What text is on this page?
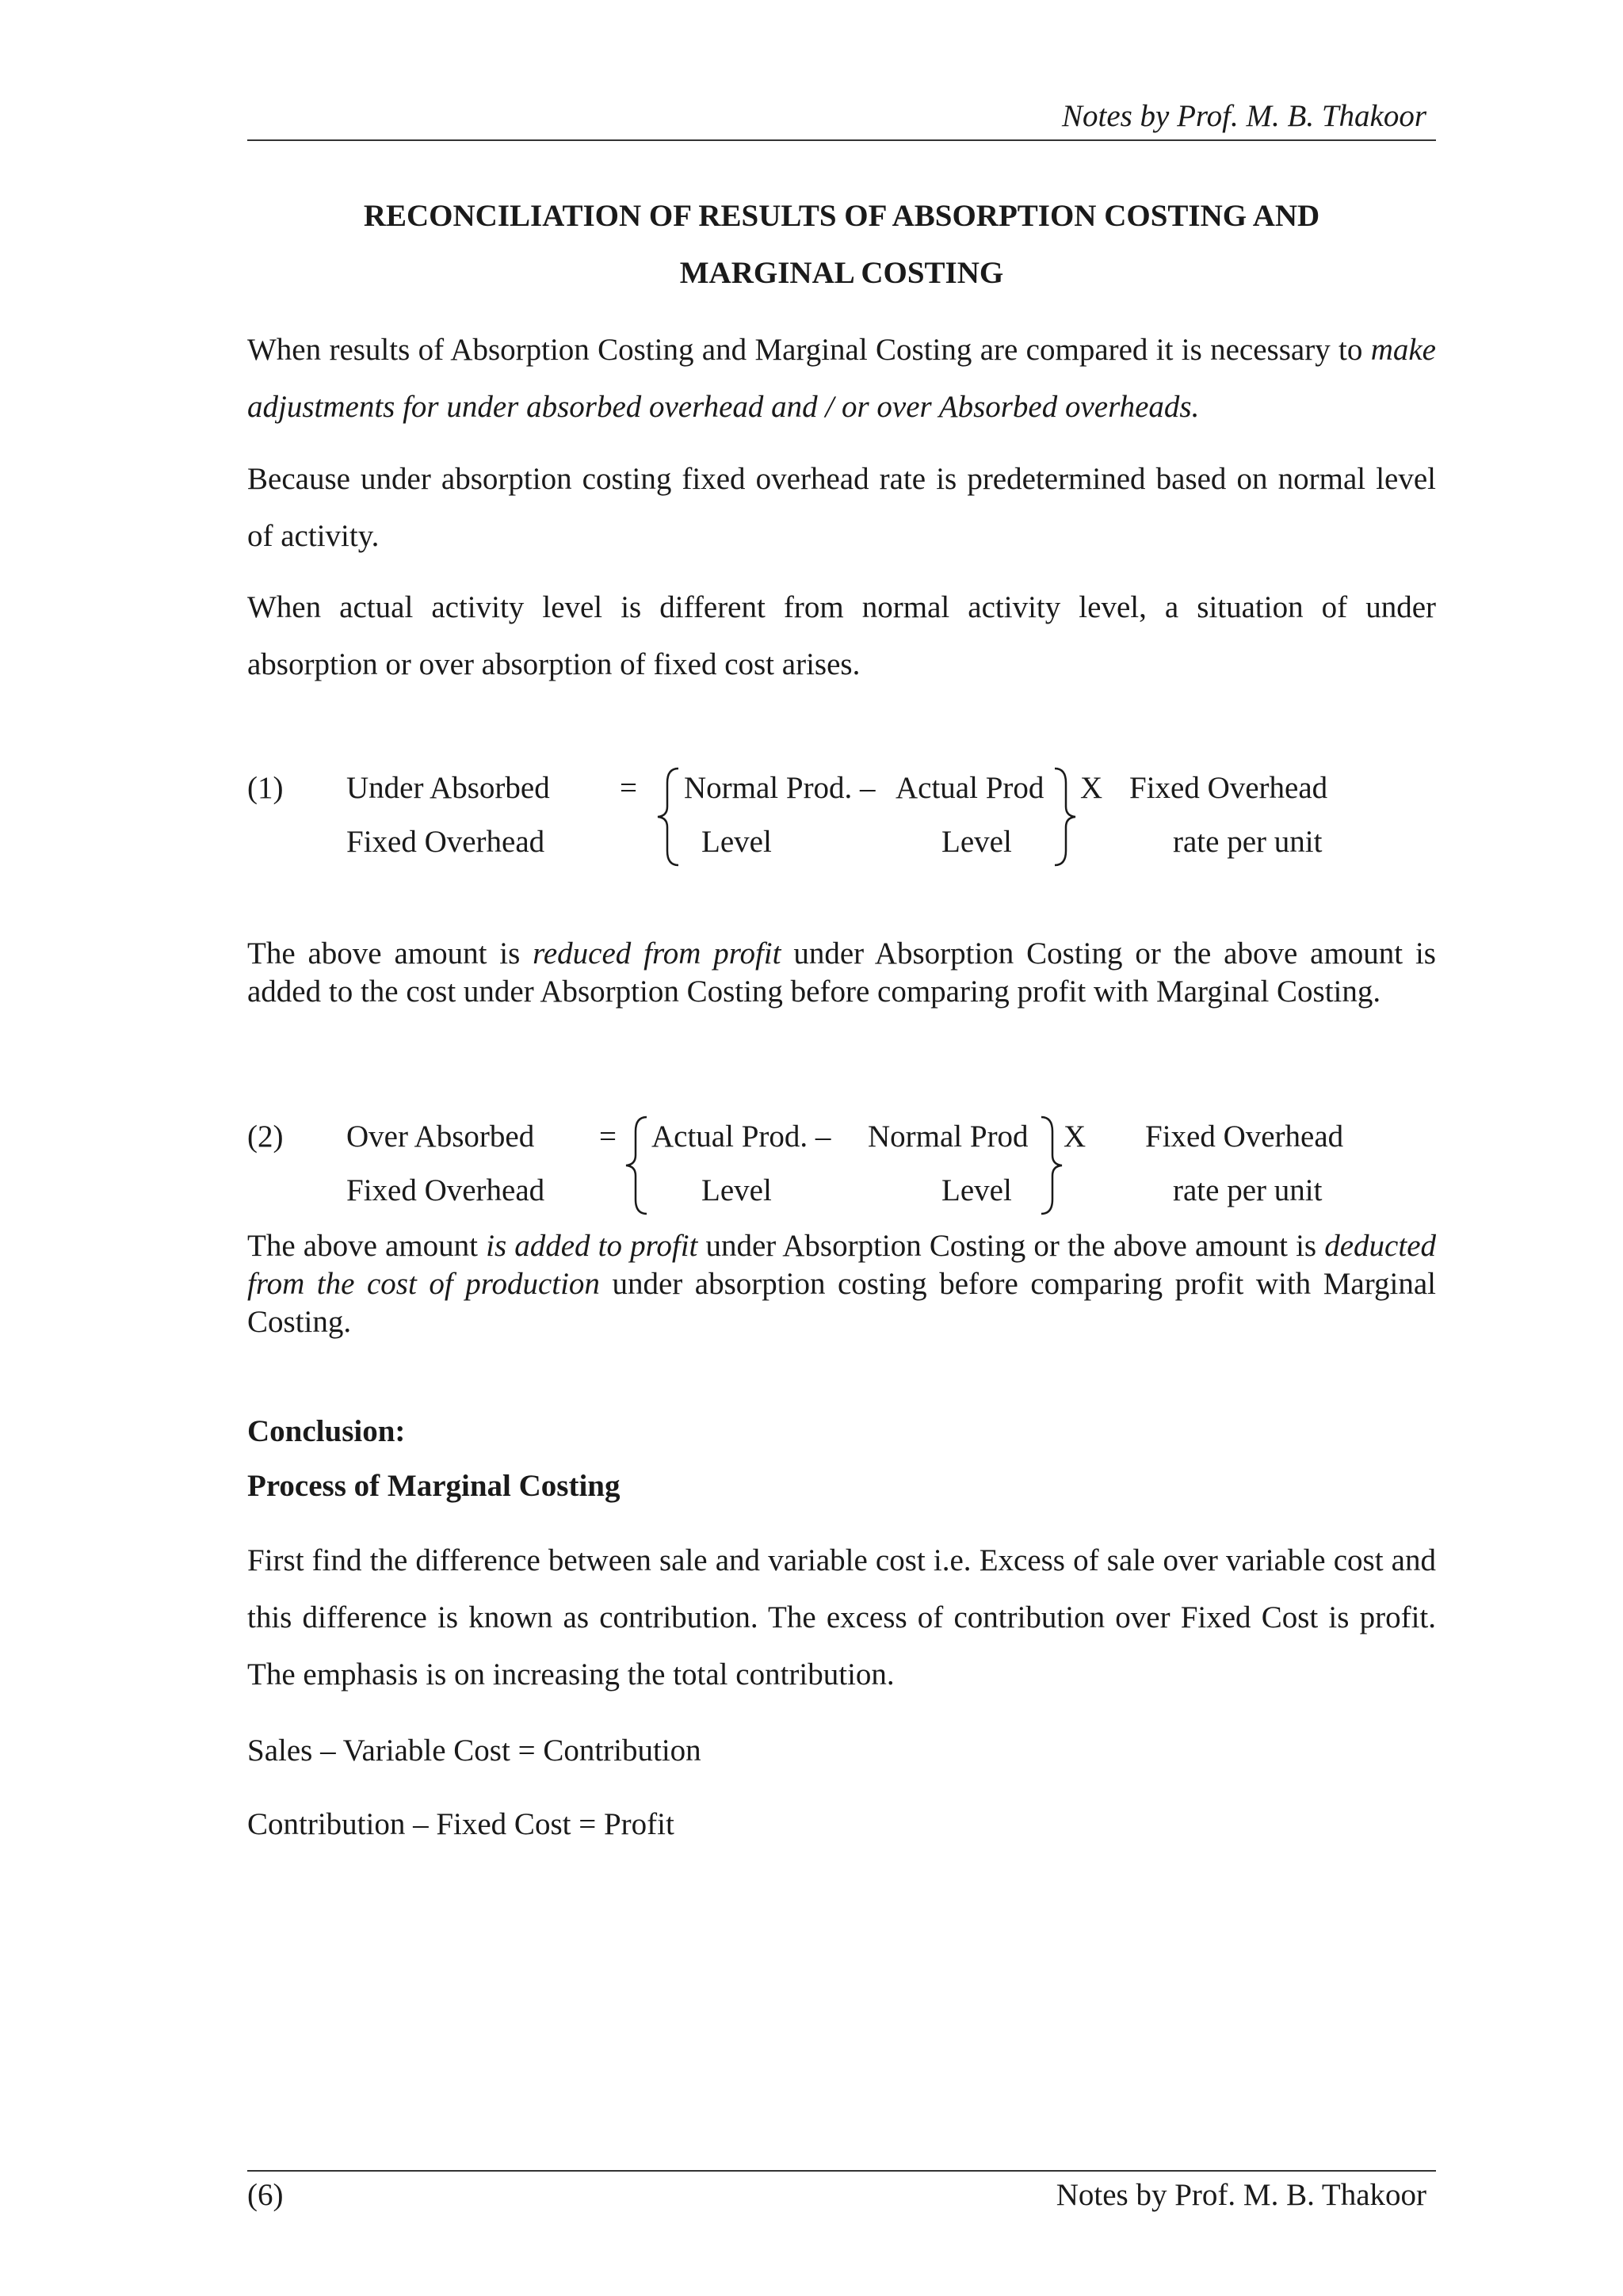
Notes by Prof. M. B. Thakoor
RECONCILIATION OF RESULTS OF ABSORPTION COSTING AND
MARGINAL COSTING

When results of Absorption Costing and Marginal Costing are compared it is necessary to make adjustments for under absorbed overhead and / or over Absorbed overheads.

Because under absorption costing fixed overhead rate is predetermined based on normal level of activity.

When actual activity level is different from normal activity level, a situation of under absorption or over absorption of fixed cost arises.

(1) Under Absorbed
Fixed Overhead
= Normal Prod. –
Level
Actual Prod
Level
X Fixed Overhead
rate per unit

The above amount is reduced from profit under Absorption Costing or the above amount is added to the cost under Absorption Costing before comparing profit with Marginal Costing.

(2) Over Absorbed
Fixed Overhead
= Actual Prod. –
Level
Normal Prod
Level
X Fixed Overhead
rate per unit

The above amount is added to profit under Absorption Costing or the above amount is deducted from the cost of production under absorption costing before comparing profit with Marginal Costing.

Conclusion:
Process of Marginal Costing

First find the difference between sale and variable cost i.e. Excess of sale over variable cost and this difference is known as contribution. The excess of contribution over Fixed Cost is profit. The emphasis is on increasing the total contribution.

Sales – Variable Cost = Contribution
Contribution – Fixed Cost = Profit
(6)	Notes by Prof. M. B. Thakoor
